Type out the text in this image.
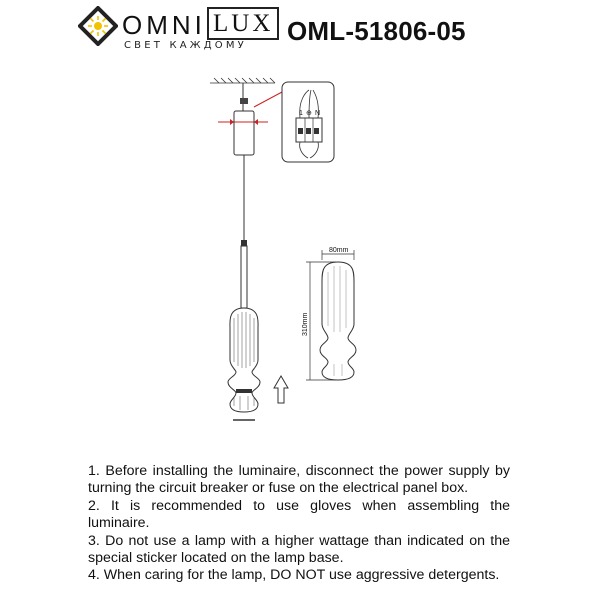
OMNI LUX
СВЕТ КАЖДОМУ OML-51806-05
1 ⊕ N
80mm
310mm

1. Before installing the luminaire, disconnect the power supply by turning the circuit breaker or fuse on the electrical panel box.

2. It is recommended to use gloves when assembling the luminaire.

3. Do not use a lamp with a higher wattage than indicated on the special sticker located on the lamp base.

4. When caring for the lamp, DO NOT use aggressive detergents.
